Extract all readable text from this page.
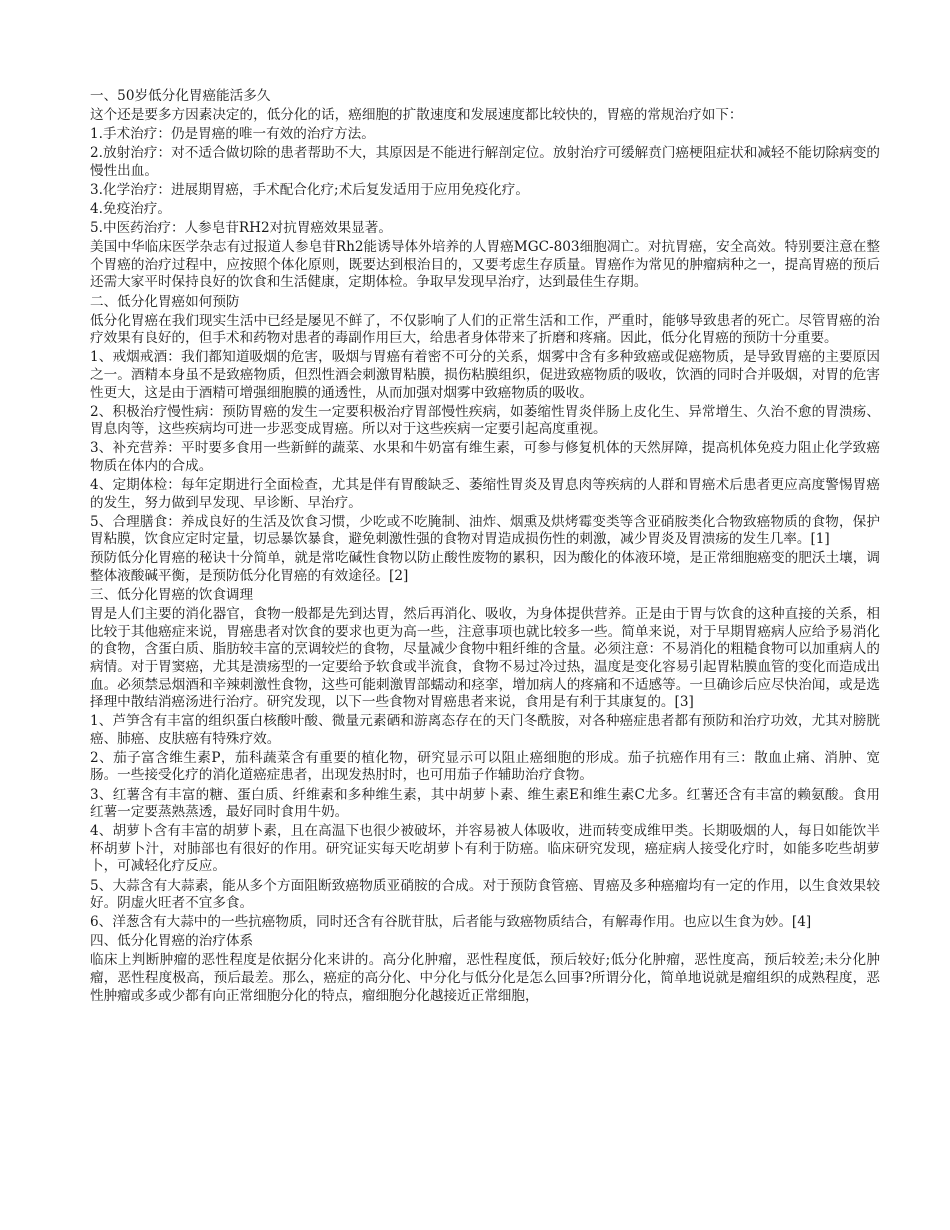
一、50岁低分化胃癌能活多久

这个还是要多方因素决定的，低分化的话，癌细胞的扩散速度和发展速度都比较快的，胃癌的常规治疗如下：

1.手术治疗：仍是胃癌的唯一有效的治疗方法。

2.放射治疗：对不适合做切除的患者帮助不大，其原因是不能进行解剖定位。放射治疗可缓解贲门癌梗阻症状和减轻不能切除病变的慢性出血。

3.化学治疗：进展期胃癌，手术配合化疗;术后复发适用于应用免疫化疗。

4.免疫治疗。

5.中医药治疗：人参皂苷RH2对抗胃癌效果显著。

美国中华临床医学杂志有过报道人参皂苷Rh2能诱导体外培养的人胃癌MGC-803细胞凋亡。对抗胃癌，安全高效。特别要注意在整个胃癌的治疗过程中，应按照个体化原则，既要达到根治目的，又要考虑生存质量。胃癌作为常见的肿瘤病种之一，提高胃癌的预后还需大家平时保持良好的饮食和生活健康，定期体检。争取早发现早治疗，达到最佳生存期。

二、低分化胃癌如何预防

低分化胃癌在我们现实生活中已经是屡见不鲜了，不仅影响了人们的正常生活和工作，严重时，能够导致患者的死亡。尽管胃癌的治疗效果有良好的，但手术和药物对患者的毒副作用巨大，给患者身体带来了折磨和疼痛。因此，低分化胃癌的预防十分重要。

1、戒烟戒酒：我们都知道吸烟的危害，吸烟与胃癌有着密不可分的关系，烟雾中含有多种致癌或促癌物质，是导致胃癌的主要原因之一。酒精本身虽不是致癌物质，但烈性酒会刺激胃粘膜，损伤粘膜组织，促进致癌物质的吸收，饮酒的同时合并吸烟，对胃的危害性更大，这是由于酒精可增强细胞膜的通透性，从而加强对烟雾中致癌物质的吸收。

2、积极治疗慢性病：预防胃癌的发生一定要积极治疗胃部慢性疾病，如萎缩性胃炎伴肠上皮化生、异常增生、久治不愈的胃溃疡、胃息肉等，这些疾病均可进一步恶变成胃癌。所以对于这些疾病一定要引起高度重视。

3、补充营养：平时要多食用一些新鲜的蔬菜、水果和牛奶富有维生素，可参与修复机体的天然屏障，提高机体免疫力阻止化学致癌物质在体内的合成。

4、定期体检：每年定期进行全面检查，尤其是伴有胃酸缺乏、萎缩性胃炎及胃息肉等疾病的人群和胃癌术后患者更应高度警惕胃癌的发生，努力做到早发现、早诊断、早治疗。

5、合理膳食：养成良好的生活及饮食习惯，少吃或不吃腌制、油炸、烟熏及烘烤霉变类等含亚硝胺类化合物致癌物质的食物，保护胃粘膜，饮食应定时定量，切忌暴饮暴食，避免刺激性强的食物对胃造成损伤性的刺激，减少胃炎及胃溃疡的发生几率。[1]

预防低分化胃癌的秘诀十分简单，就是常吃碱性食物以防止酸性废物的累积，因为酸化的体液环境，是正常细胞癌变的肥沃土壤，调整体液酸碱平衡，是预防低分化胃癌的有效途径。[2]

三、低分化胃癌的饮食调理

胃是人们主要的消化器官，食物一般都是先到达胃，然后再消化、吸收，为身体提供营养。正是由于胃与饮食的这种直接的关系，相比较于其他癌症来说，胃癌患者对饮食的要求也更为高一些，注意事项也就比较多一些。简单来说，对于早期胃癌病人应给予易消化的食物，含蛋白质、脂肪较丰富的烹调较烂的食物，尽量减少食物中粗纤维的含量。必须注意：不易消化的粗糙食物可以加重病人的病情。对于胃窦癌，尤其是溃疡型的一定要给予软食或半流食，食物不易过冷过热，温度是变化容易引起胃粘膜血管的变化而造成出血。必须禁忌烟酒和辛辣刺激性食物，这些可能刺激胃部蠕动和痉挛，增加病人的疼痛和不适感等。一旦确诊后应尽快治闻，或是选择理中散结消癌汤进行治疗。研究发现，以下一些食物对胃癌患者来说，食用是有利于其康复的。[3]

1、芦笋含有丰富的组织蛋白核酸叶酸、微量元素硒和游离态存在的天门冬酰胺，对各种癌症患者都有预防和治疗功效，尤其对膀胱癌、肺癌、皮肤癌有特殊疗效。

2、茄子富含维生素P，茄科蔬菜含有重要的植化物，研究显示可以阻止癌细胞的形成。茄子抗癌作用有三：散血止痛、消肿、宽肠。一些接受化疗的消化道癌症患者，出现发热肘时，也可用茄子作辅助治疗食物。

3、红薯含有丰富的糖、蛋白质、纤维素和多种维生素，其中胡萝卜素、维生素E和维生素C尤多。红薯还含有丰富的赖氨酸。食用红薯一定要蒸熟蒸透，最好同时食用牛奶。

4、胡萝卜含有丰富的胡萝卜素，且在高温下也很少被破坏，并容易被人体吸收，进而转变成维甲类。长期吸烟的人，每日如能饮半杯胡萝卜汁，对肺部也有很好的作用。研究证实每天吃胡萝卜有利于防癌。临床研究发现，癌症病人接受化疗时，如能多吃些胡萝卜，可减轻化疗反应。

5、大蒜含有大蒜素，能从多个方面阻断致癌物质亚硝胺的合成。对于预防食管癌、胃癌及多种癌瘤均有一定的作用，以生食效果较好。阴虚火旺者不宜多食。

6、洋葱含有大蒜中的一些抗癌物质，同时还含有谷胱苷肽，后者能与致癌物质结合，有解毒作用。也应以生食为妙。[4]

四、低分化胃癌的治疗体系

临床上判断肿瘤的恶性程度是依据分化来讲的。高分化肿瘤，恶性程度低，预后较好;低分化肿瘤，恶性度高，预后较差;未分化肿瘤，恶性程度极高，预后最差。那么，癌症的高分化、中分化与低分化是怎么回事?所谓分化，简单地说就是瘤组织的成熟程度，恶性肿瘤或多或少都有向正常细胞分化的特点，瘤细胞分化越接近正常细胞，
